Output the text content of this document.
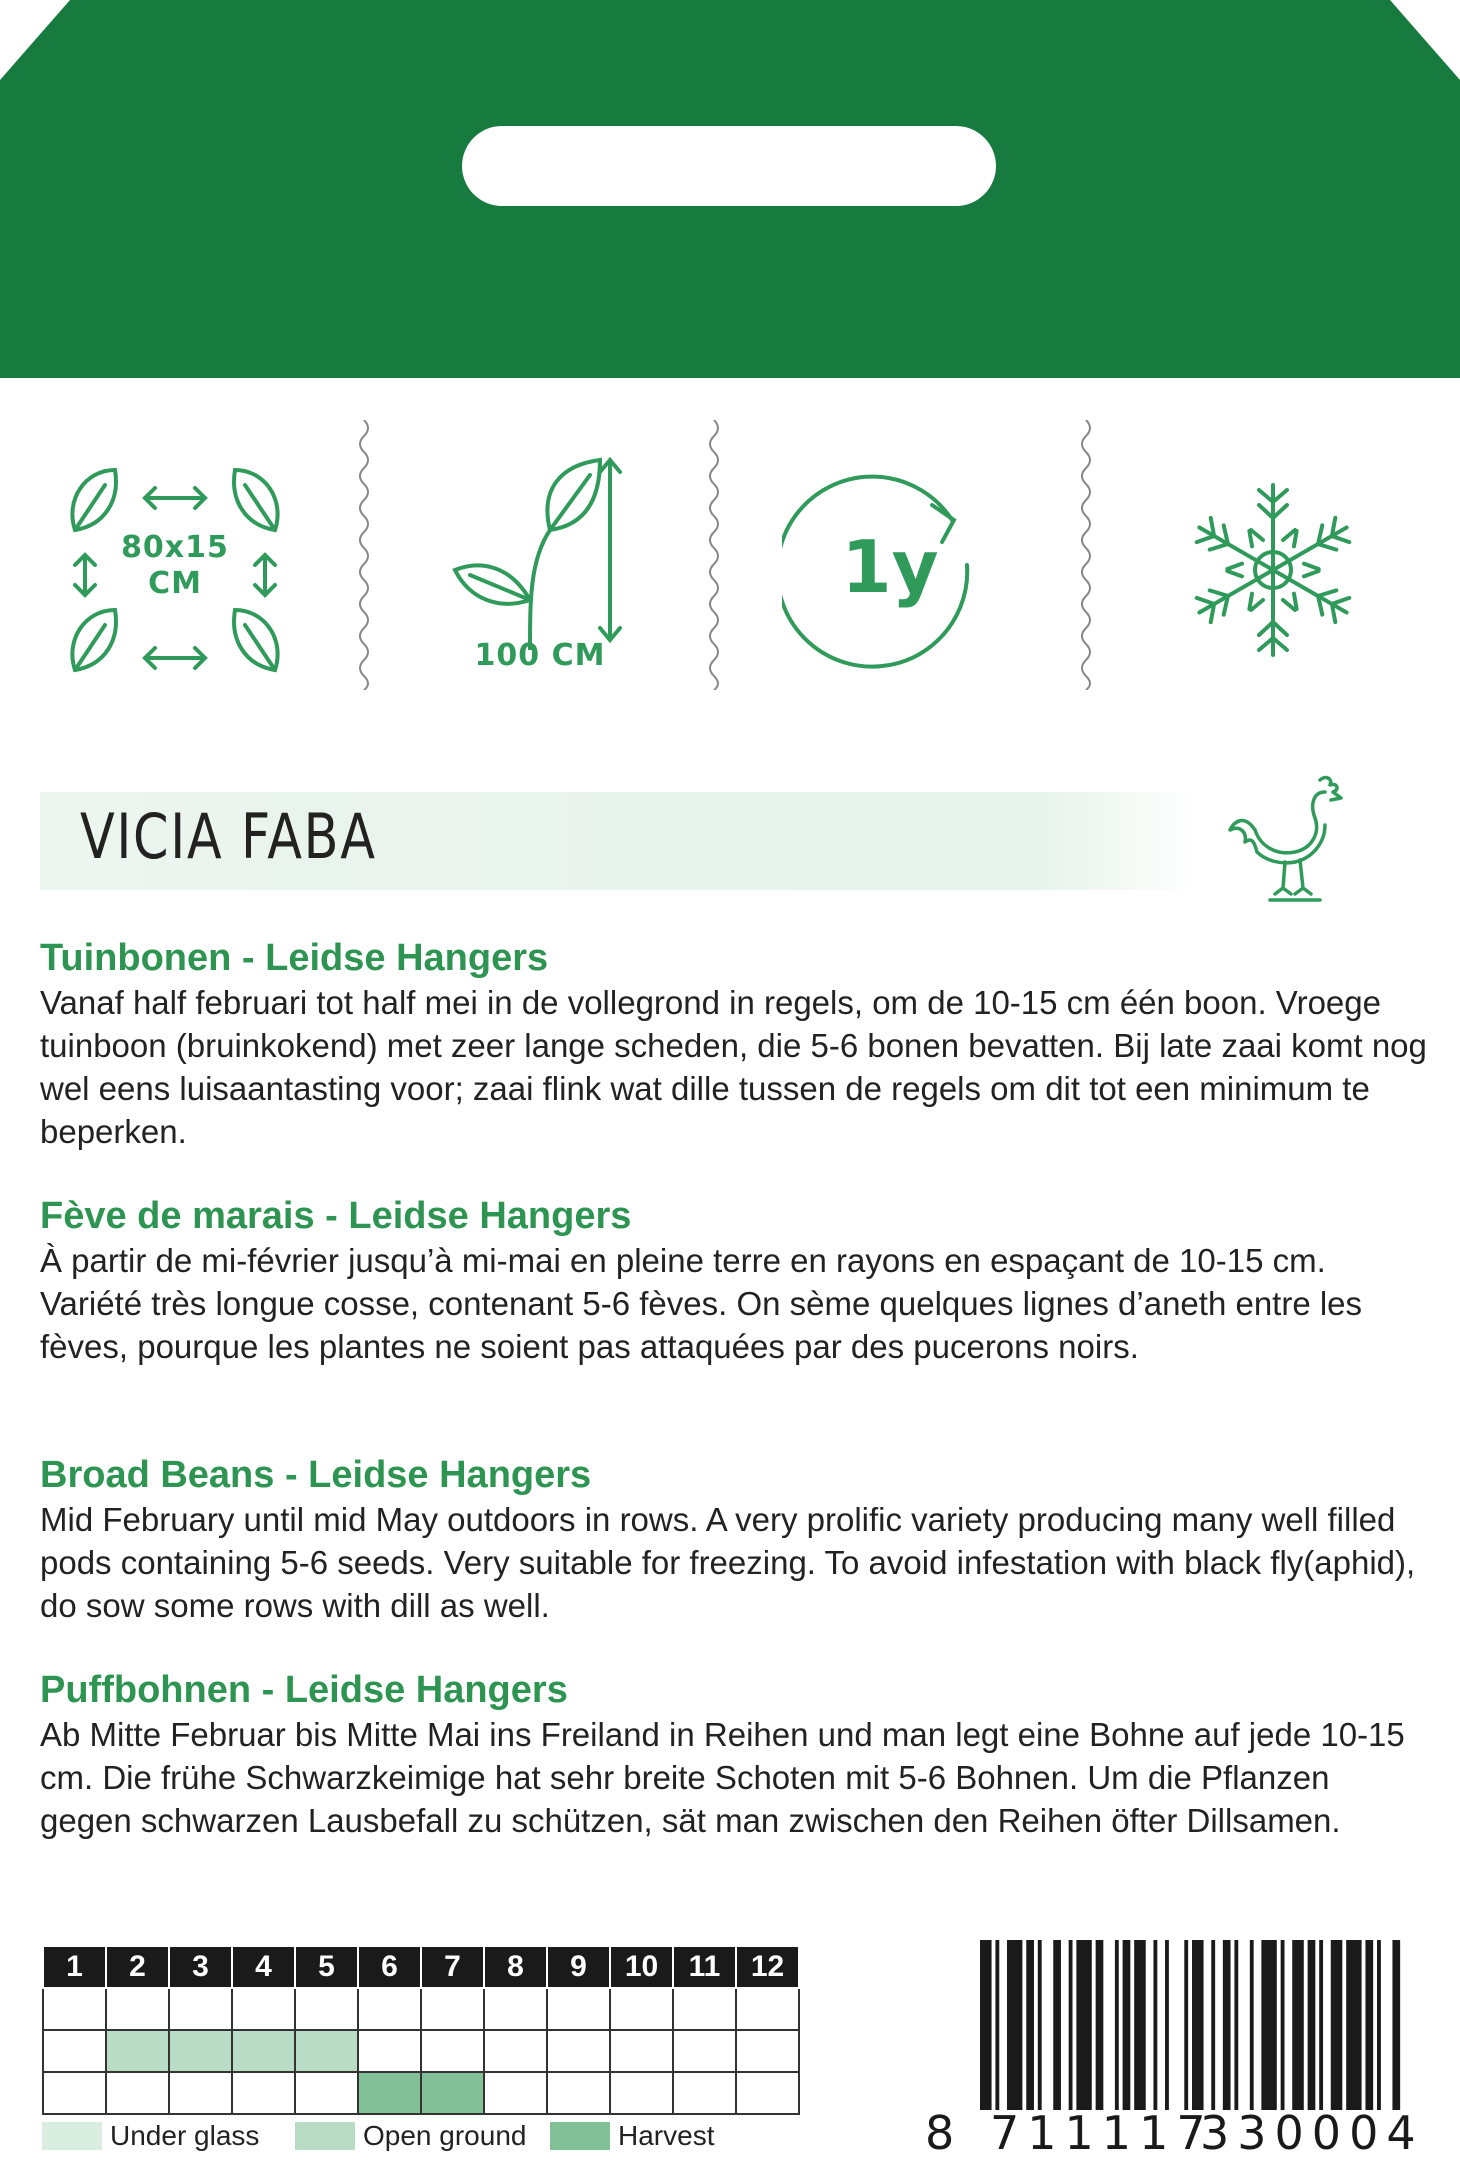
80x15
CM
100 CM
1y
VICIA FABA
Tuinbonen - Leidse Hangers

Vanaf half februari tot half mei in de vollegrond in regels, om de 10-15 cm één boon. Vroege tuinboon (bruinkokend) met zeer lange scheden, die 5-6 bonen bevatten. Bij late zaai komt nog wel eens luisaantasting voor; zaai flink wat dille tussen de regels om dit tot een minimum te beperken.

Fève de marais - Leidse Hangers

À partir de mi-février jusqu’à mi-mai en pleine terre en rayons en espaçant de 10-15 cm. Variété très longue cosse, contenant 5-6 fèves. On sème quelques lignes d’aneth entre les fèves, pourque les plantes ne soient pas attaquées par des pucerons noirs.

Broad Beans - Leidse Hangers

Mid February until mid May outdoors in rows. A very prolific variety producing many well filled pods containing 5-6 seeds. Very suitable for freezing. To avoid infestation with black fly(aphid), do sow some rows with dill as well.

Puffbohnen - Leidse Hangers

Ab Mitte Februar bis Mitte Mai ins Freiland in Reihen und man legt eine Bohne auf jede 10-15 cm. Die frühe Schwarzkeimige hat sehr breite Schoten mit 5-6 Bohnen. Um die Pflanzen gegen schwarzen Lausbefall zu schützen, sät man zwischen den Reihen öfter Dillsamen.

1	2	3	4	5	6	7	8	9	10	11	12

Under glass	Open ground	Harvest	8 711117
330004
